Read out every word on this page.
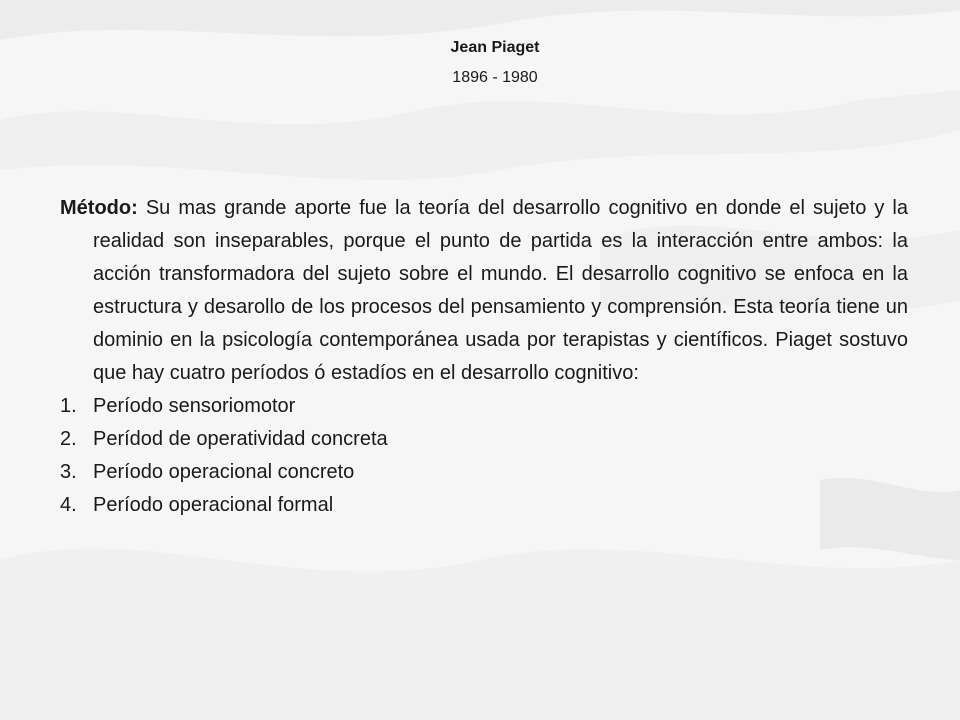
Jean Piaget
1896 - 1980

Método: Su mas grande aporte fue la teoría del desarrollo cognitivo en donde el sujeto y la realidad son inseparables, porque el punto de partida es la interacción entre ambos: la acción transformadora del sujeto sobre el mundo. El desarrollo cognitivo se enfoca en la estructura y desarollo de los procesos del pensamiento y comprensión. Esta teoría tiene un dominio en la psicología contemporánea usada por terapistas y científicos. Piaget sostuvo que hay cuatro períodos ó estadíos en el desarrollo cognitivo:

1. Período sensoriomotor
2. Perídod de operatividad concreta
3. Período operacional concreto
4. Período operacional formal
